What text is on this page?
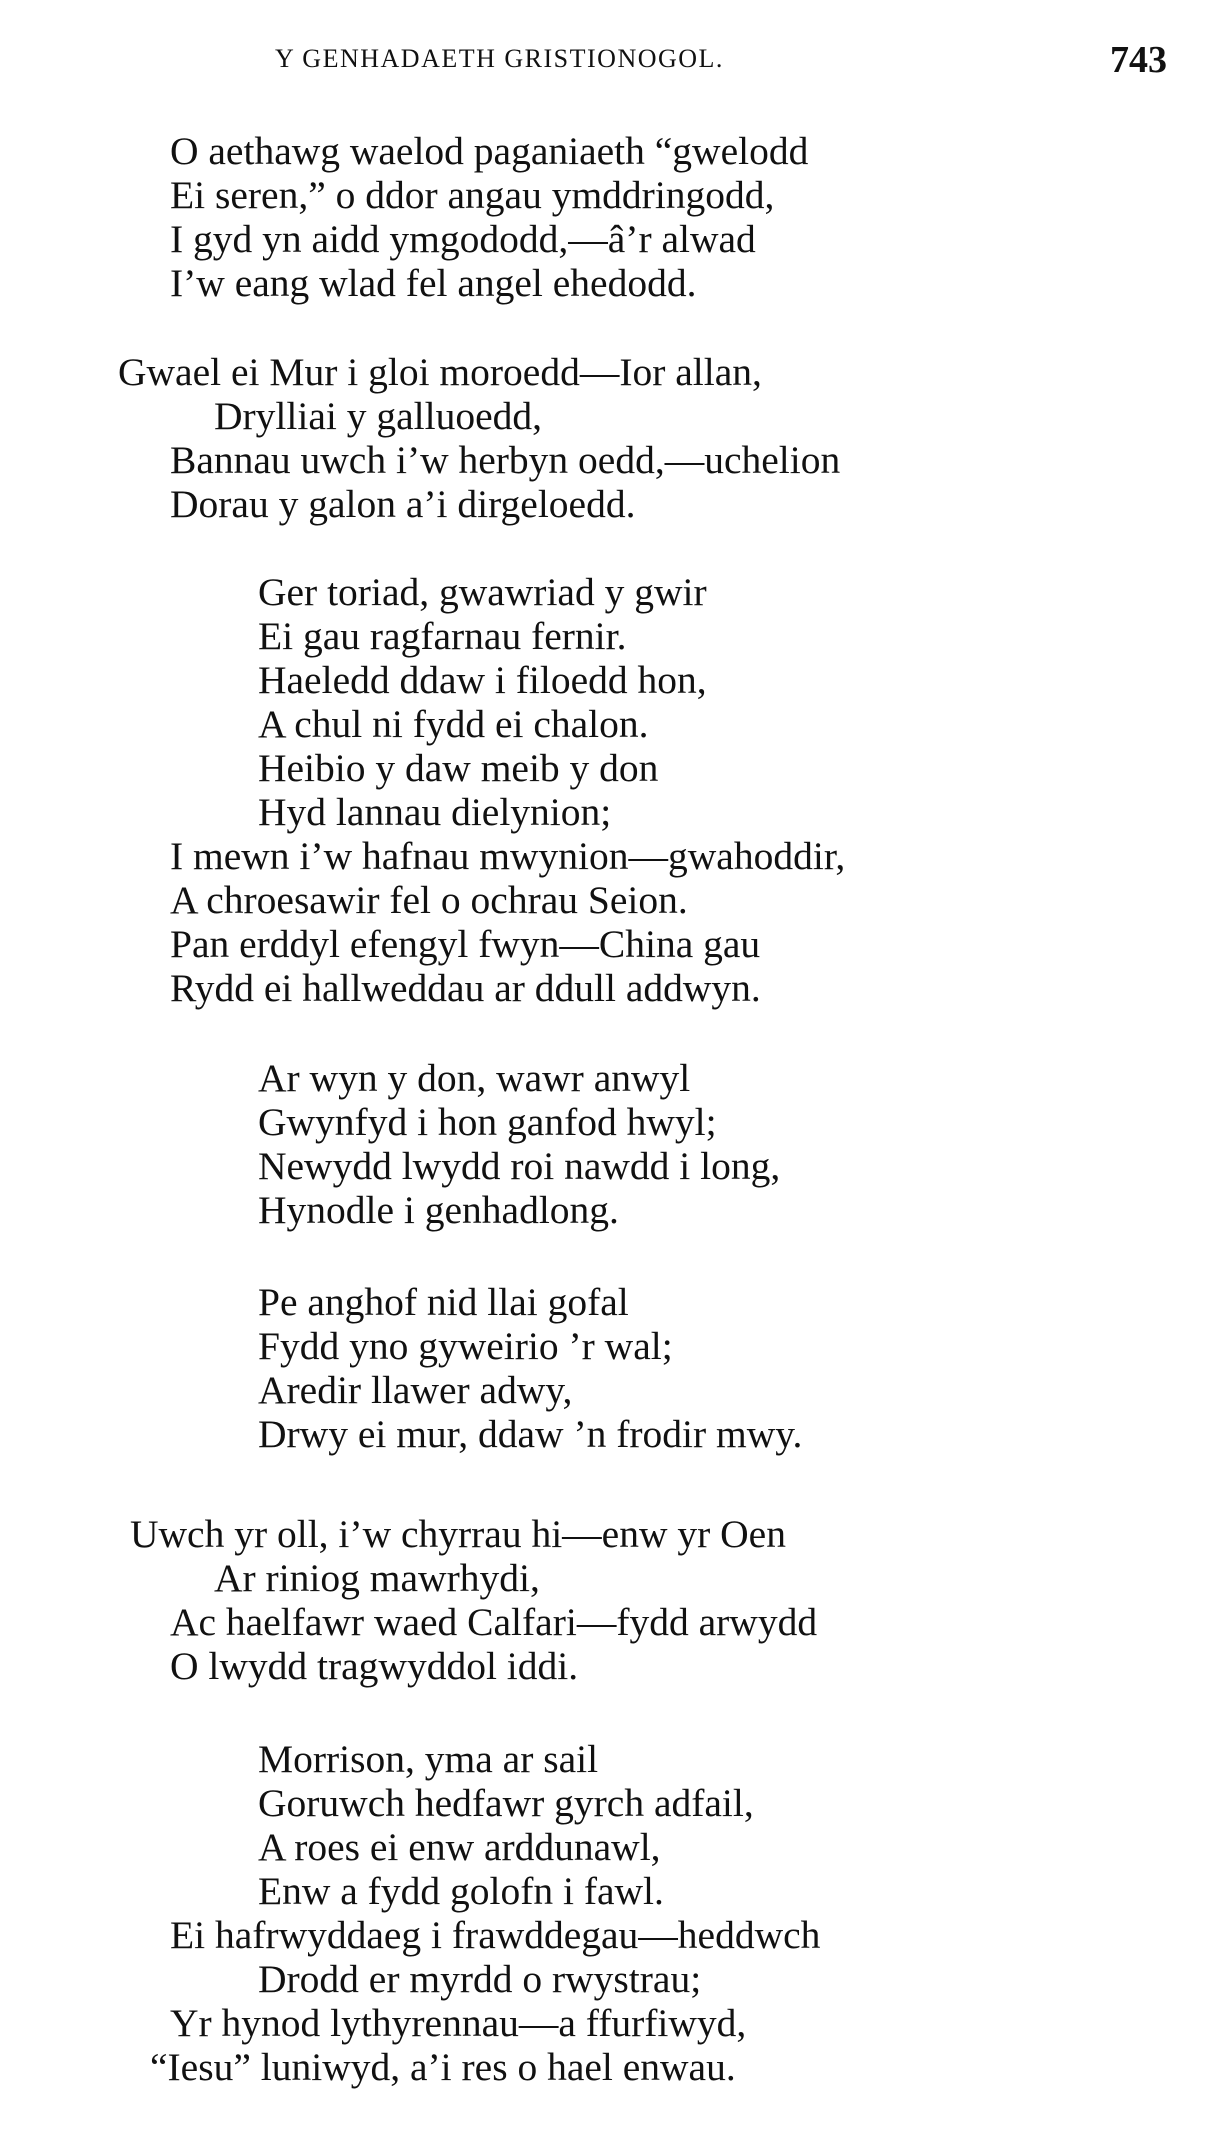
Y GENHADAETH GRISTIONOGOL.	743
O aethawg waelod paganiaeth “gwelodd
Ei seren,” o ddor angau ymddringodd,
I gyd yn aidd ymgododd,—â’r alwad
I’w eang wlad fel angel ehedodd.
Gwael ei Mur i gloi moroedd—Ior allan,
Drylliai y galluoedd,
Bannau uwch i’w herbyn oedd,—uchelion
Dorau y galon a’i dirgeloedd.
Ger toriad, gwawriad y gwir
Ei gau ragfarnau fernir.
Haeledd ddaw i filoedd hon,
A chul ni fydd ei chalon.
Heibio y daw meib y don
Hyd lannau dielynion;
I mewn i’w hafnau mwynion—gwahoddir,
A chroesawir fel o ochrau Seion.
Pan erddyl efengyl fwyn—China gau
Rydd ei hallweddau ar ddull addwyn.
Ar wyn y don, wawr anwyl
Gwynfyd i hon ganfod hwyl;
Newydd lwydd roi nawdd i long,
Hynodle i genhadlong.
Pe anghof nid llai gofal
Fydd yno gyweirio ’r wal;
Aredir llawer adwy,
Drwy ei mur, ddaw ’n frodir mwy.
Uwch yr oll, i’w chyrrau hi—enw yr Oen
Ar riniog mawrhydi,
Ac haelfawr waed Calfari—fydd arwydd
O lwydd tragwyddol iddi.
Morrison, yma ar sail
Goruwch hedfawr gyrch adfail,
A roes ei enw arddunawl,
Enw a fydd golofn i fawl.
Ei hafrwyddaeg i frawddegau—heddwch
Drodd er myrdd o rwystrau;
Yr hynod lythyrennau—a ffurfiwyd,
“Iesu” luniwyd, a’i res o hael enwau.
